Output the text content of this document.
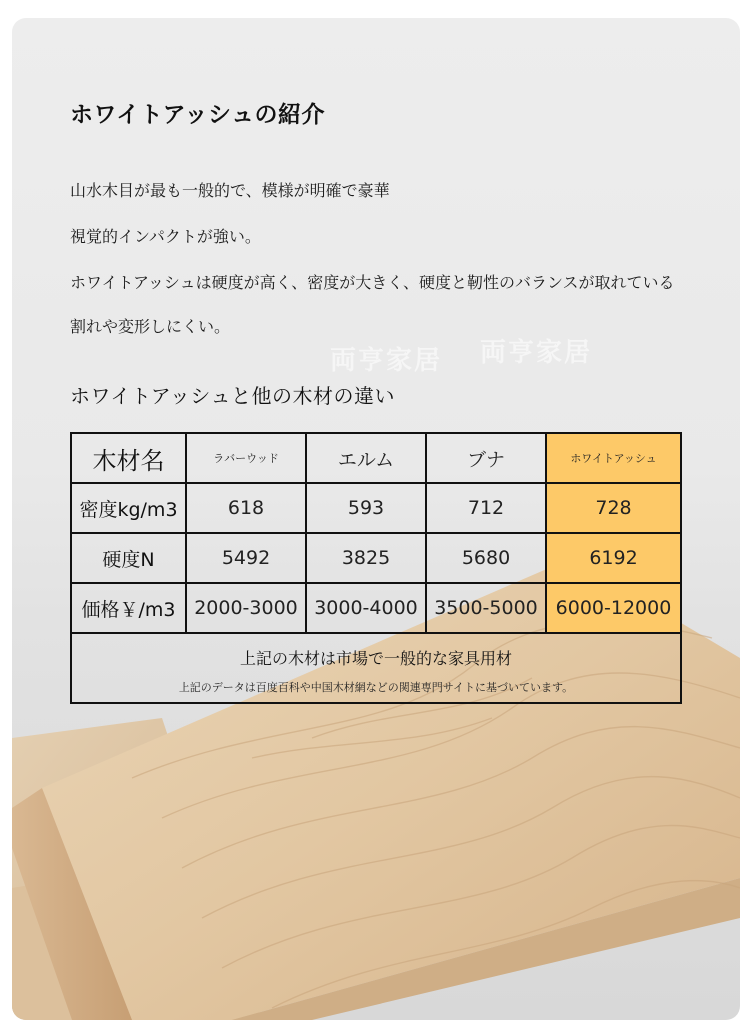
ホワイトアッシュの紹介
山水木目が最も一般的で、模様が明確で豪華
視覚的インパクトが強い。
ホワイトアッシュは硬度が高く、密度が大きく、硬度と靭性のバランスが取れている
割れや変形しにくい。
両亨家居
両亨家居
ホワイトアッシュと他の木材の違い
木材名	ラバーウッド	エルム	ブナ	ホワイトアッシュ
密度kg/m3	618	593	712	728
硬度N	5492	3825	5680	6192
価格￥/m3	2000-3000	3000-4000	3500-5000	6000-12000

上記の木材は市場で一般的な家具用材
上記のデータは百度百科や中国木材網などの関連専門サイトに基づいています。				
